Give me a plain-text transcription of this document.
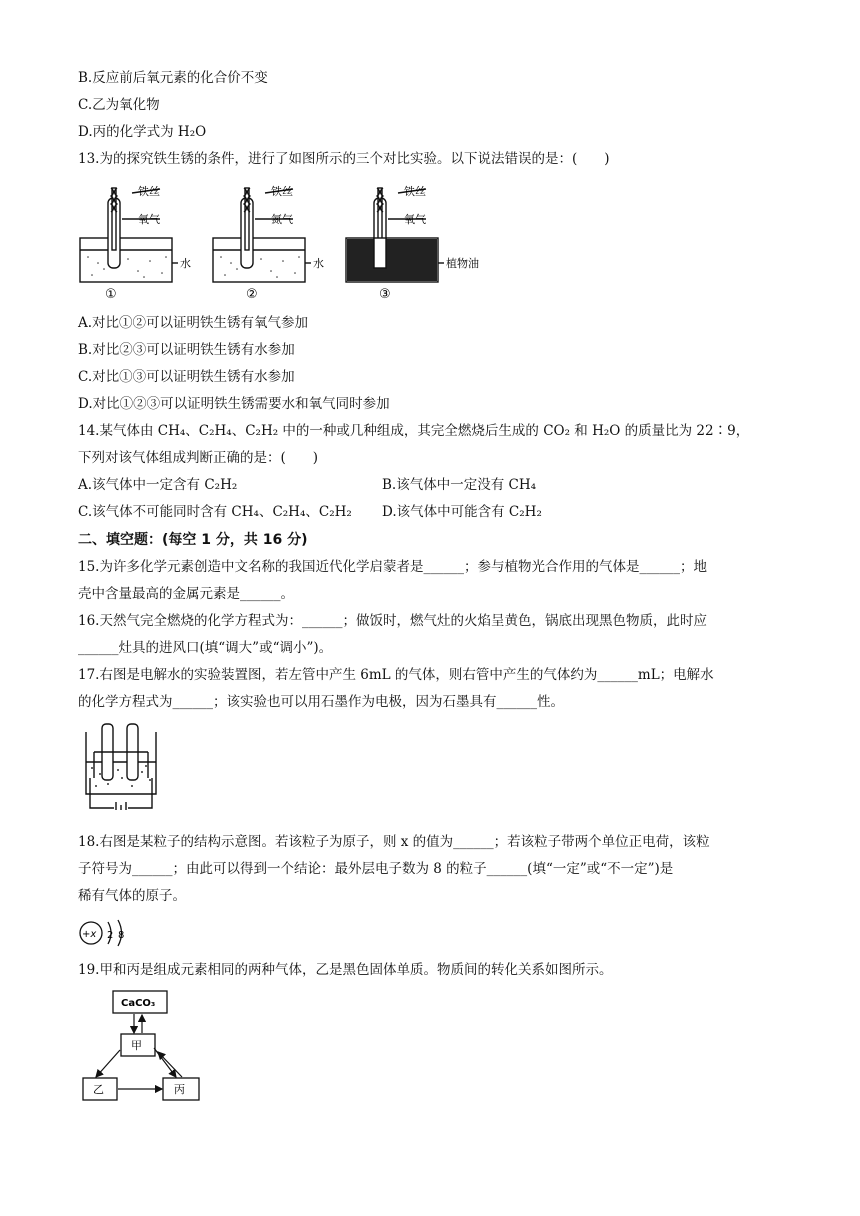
B.反应前后氧元素的化合价不变
C.乙为氧化物
D.丙的化学式为 H₂O
13.为的探究铁生锈的条件，进行了如图所示的三个对比实验。以下说法错误的是：(　　)
铁丝
氧气
水
铁丝
氮气
水
铁丝
氧气
植物油
①	②	③
A.对比①②可以证明铁生锈有氧气参加
B.对比②③可以证明铁生锈有水参加
C.对比①③可以证明铁生锈有水参加
D.对比①②③可以证明铁生锈需要水和氧气同时参加
14.某气体由 CH₄、C₂H₄、C₂H₂ 中的一种或几种组成，其完全燃烧后生成的 CO₂ 和 H₂O 的质量比为 22∶9，
下列对该气体组成判断正确的是：(　　)
A.该气体中一定含有 C₂H₂	B.该气体中一定没有 CH₄
C.该气体不可能同时含有 CH₄、C₂H₄、C₂H₂ D.该气体中可能含有 C₂H₂
二、填空题：(每空 1 分，共 16 分)
15.为许多化学元素创造中文名称的我国近代化学启蒙者是______；参与植物光合作用的气体是______；地
壳中含量最高的金属元素是______。
16.天然气完全燃烧的化学方程式为：______；做饭时，燃气灶的火焰呈黄色，锅底出现黑色物质，此时应
______灶具的进风口(填“调大”或“调小”)。
17.右图是电解水的实验装置图，若左管中产生 6mL 的气体，则右管中产生的气体约为______mL；电解水
的化学方程式为______；该实验也可以用石墨作为电极，因为石墨具有______性。
18.右图是某粒子的结构示意图。若该粒子为原子，则 x 的值为______；若该粒子带两个单位正电荷，该粒
子符号为______；由此可以得到一个结论：最外层电子数为 8 的粒子______(填“一定”或“不一定”)是
稀有气体的原子。
+x 2 8
19.甲和丙是组成元素相同的两种气体，乙是黑色固体单质。物质间的转化关系如图所示。
CaCO₃
甲
乙	丙
